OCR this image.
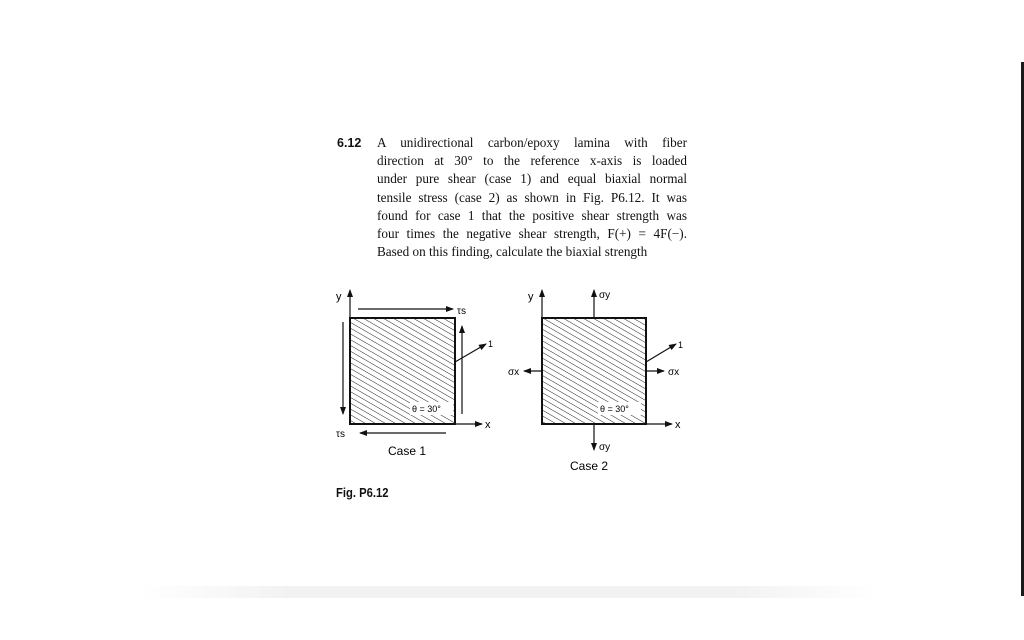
6.12 A unidirectional carbon/epoxy lamina with fiber
direction at 30° to the reference x-axis is loaded
under pure shear (case 1) and equal biaxial normal
tensile stress (case 2) as shown in Fig. P6.12. It was
found for case 1 that the positive shear strength was
four times the negative shear strength, F(+) = 4F(−).
Based on this finding, calculate the biaxial strength
y
x
1
θ = 30°
τs
τs
Case 1
y
x
1
θ = 30°
σy
σy
σx	σx
Case 2
Fig. P6.12
